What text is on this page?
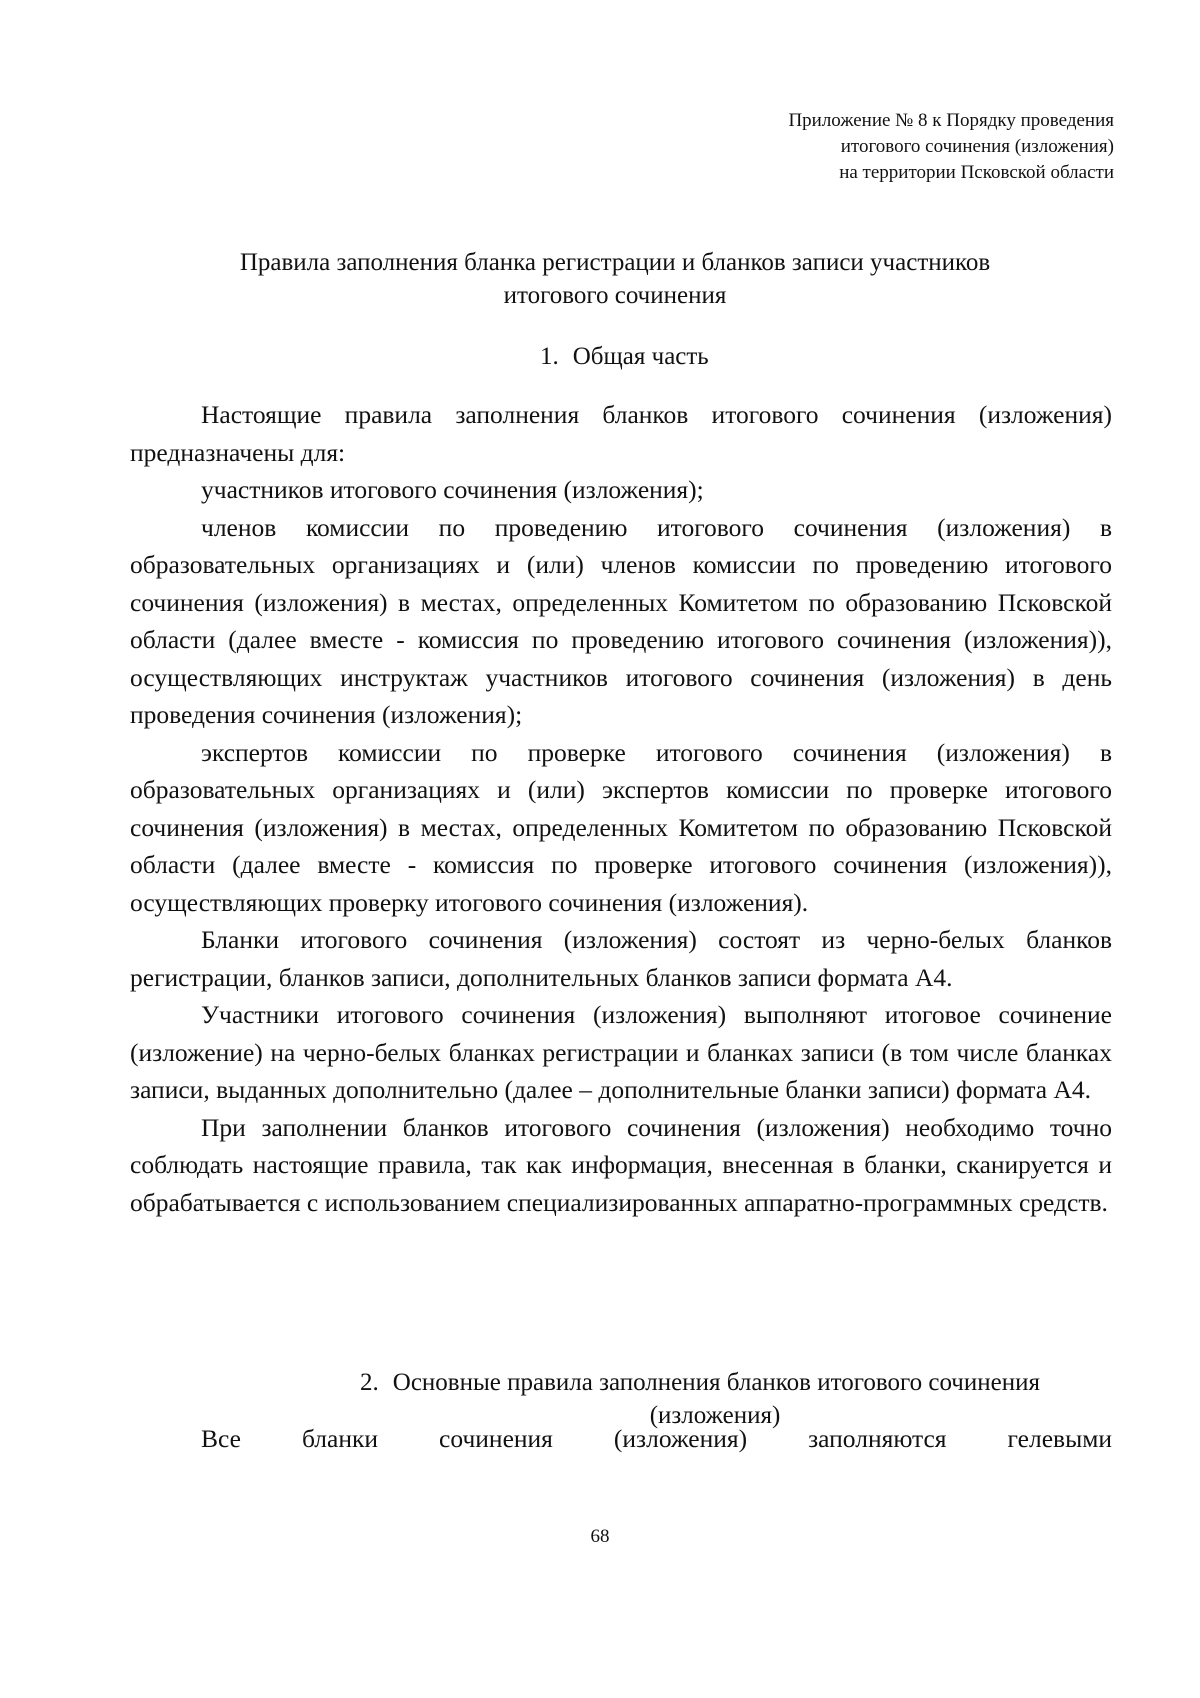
Приложение № 8 к Порядку проведения
итогового сочинения (изложения)
на территории Псковской области
Правила заполнения бланка регистрации и бланков записи участников
итогового сочинения
1. Общая часть

Настоящие правила заполнения бланков итогового сочинения (изложения) предназначены для:

участников итогового сочинения (изложения);

членов комиссии по проведению итогового сочинения (изложения) в образовательных организациях и (или) членов комиссии по проведению итогового сочинения (изложения) в местах, определенных Комитетом по образованию Псковской области (далее вместе - комиссия по проведению итогового сочинения (изложения)), осуществляющих инструктаж участников итогового сочинения (изложения) в день проведения сочинения (изложения);

экспертов комиссии по проверке итогового сочинения (изложения) в образовательных организациях и (или) экспертов комиссии по проверке итогового сочинения (изложения) в местах, определенных Комитетом по образованию Псковской области (далее вместе - комиссия по проверке итогового сочинения (изложения)), осуществляющих проверку итогового сочинения (изложения).

Бланки итогового сочинения (изложения) состоят из черно-белых бланков регистрации, бланков записи, дополнительных бланков записи формата А4.

Участники итогового сочинения (изложения) выполняют итоговое сочинение (изложение) на черно-белых бланках регистрации и бланках записи (в том числе бланках записи, выданных дополнительно (далее – дополнительные бланки записи) формата А4.

При заполнении бланков итогового сочинения (изложения) необходимо точно соблюдать настоящие правила, так как информация, внесенная в бланки, сканируется и обрабатывается с использованием специализированных аппаратно-программных средств.

2. Основные правила заполнения бланков итогового сочинения
(изложения)

Все бланки сочинения (изложения) заполняются гелевыми

68
